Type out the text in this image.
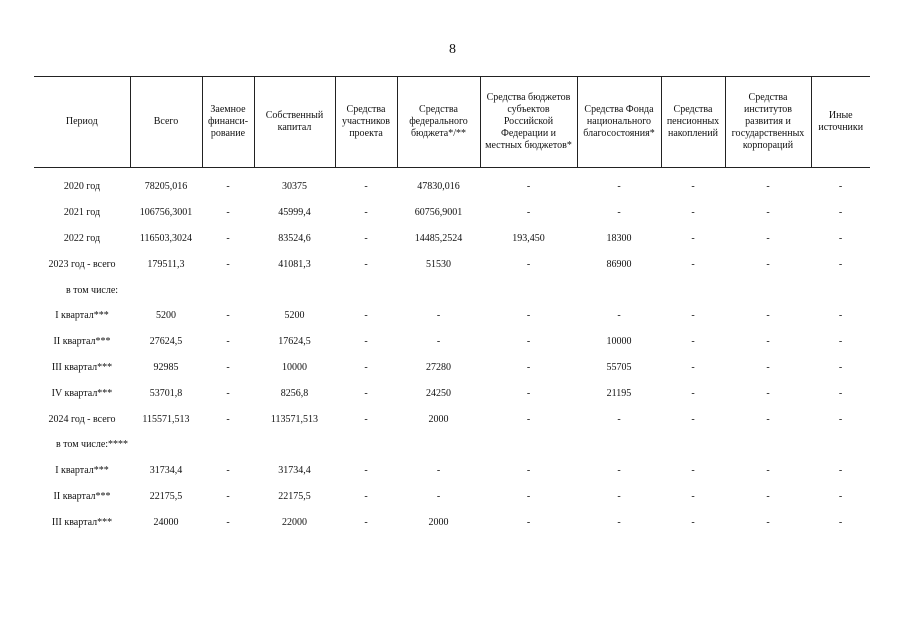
8
Период	Всего	Заемное финанси-рование	Собственный капитал	Средства участников проекта	Средства федерального бюджета*/**	Средства бюджетов субъектов Российской Федерации и местных бюджетов*	Средства Фонда национального благосостояния*	Средства пенсионных накоплений	Средства институтов развития и государственных корпораций	Иные источники
2020 год	78205,016	-	30375	-	47830,016	-	-	-	-	-
2021 год	106756,3001	-	45999,4	-	60756,9001	-	-	-	-	-
2022 год	116503,3024	-	83524,6	-	14485,2524	193,450	18300	-	-	-
2023 год - всего	179511,3	-	41081,3	-	51530	-	86900	-	-	-
в том числе:										
I квартал***	5200	-	5200	-	-	-	-	-	-	-
II квартал***	27624,5	-	17624,5	-	-	-	10000	-	-	-
III квартал***	92985	-	10000	-	27280	-	55705	-	-	-
IV квартал***	53701,8	-	8256,8	-	24250	-	21195	-	-	-
2024 год - всего	115571,513	-	113571,513	-	2000	-	-	-	-	-
в том числе:****										
I квартал***	31734,4	-	31734,4	-	-	-	-	-	-	-
II квартал***	22175,5	-	22175,5	-	-	-	-	-	-	-
III квартал***	24000	-	22000	-	2000	-	-	-	-	-
